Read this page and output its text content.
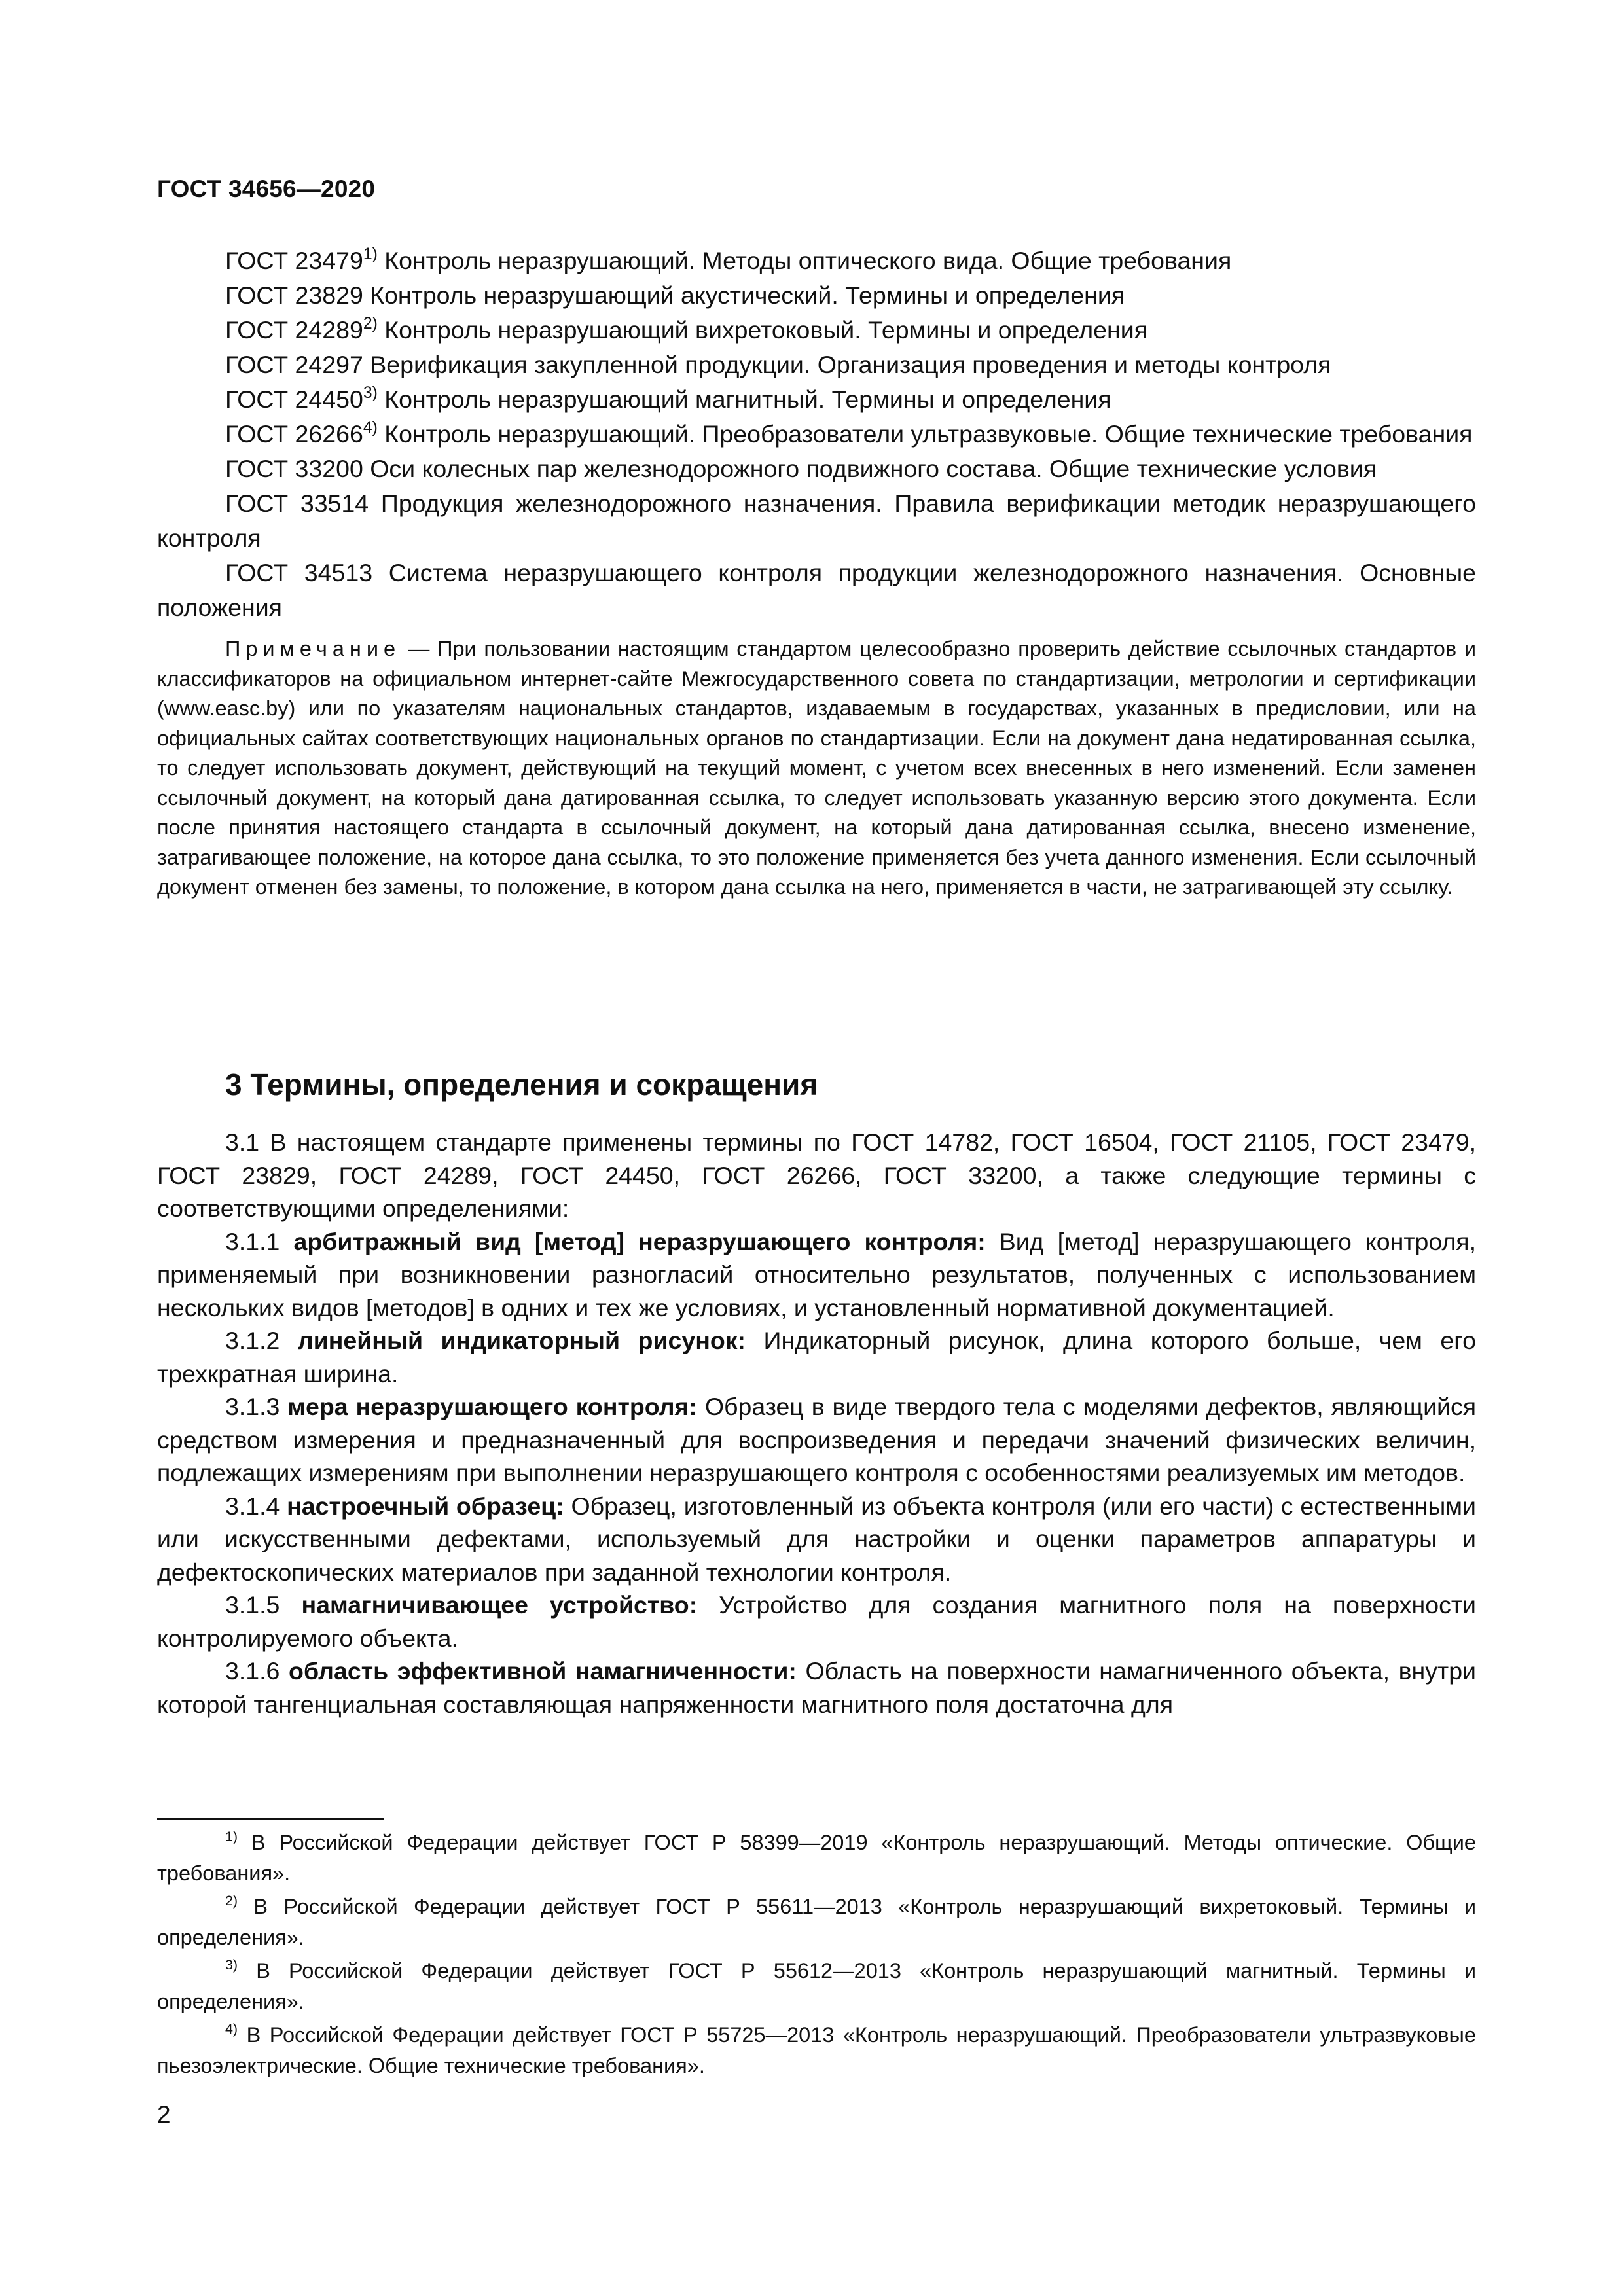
ГОСТ 34656—2020
ГОСТ 23479$^{1)}$ Контроль неразрушающий. Методы оптического вида. Общие требования
ГОСТ 23829 Контроль неразрушающий акустический. Термины и определения
ГОСТ 24289$^{2)}$ Контроль неразрушающий вихретоковый. Термины и определения
ГОСТ 24297 Верификация закупленной продукции. Организация проведения и методы контроля
ГОСТ 24450$^{3)}$ Контроль неразрушающий магнитный. Термины и определения
ГОСТ 26266$^{4)}$ Контроль неразрушающий. Преобразователи ультразвуковые. Общие технические требования
ГОСТ 33200 Оси колесных пар железнодорожного подвижного состава. Общие технические условия
ГОСТ 33514 Продукция железнодорожного назначения. Правила верификации методик неразрушающего контроля
ГОСТ 34513 Система неразрушающего контроля продукции железнодорожного назначения. Основные положения
Примечание — При пользовании настоящим стандартом целесообразно проверить действие ссылочных стандартов и классификаторов на официальном интернет-сайте Межгосударственного совета по стандартизации, метрологии и сертификации (www.easc.by) или по указателям национальных стандартов, издаваемым в государствах, указанных в предисловии, или на официальных сайтах соответствующих национальных органов по стандартизации. Если на документ дана недатированная ссылка, то следует использовать документ, действующий на текущий момент, с учетом всех внесенных в него изменений. Если заменен ссылочный документ, на который дана датированная ссылка, то следует использовать указанную версию этого документа. Если после принятия настоящего стандарта в ссылочный документ, на который дана датированная ссылка, внесено изменение, затрагивающее положение, на которое дана ссылка, то это положение применяется без учета данного изменения. Если ссылочный документ отменен без замены, то положение, в котором дана ссылка на него, применяется в части, не затрагивающей эту ссылку.
3 Термины, определения и сокращения

3.1 В настоящем стандарте применены термины по ГОСТ 14782, ГОСТ 16504, ГОСТ 21105, ГОСТ 23479, ГОСТ 23829, ГОСТ 24289, ГОСТ 24450, ГОСТ 26266, ГОСТ 33200, а также следующие термины с соответствующими определениями:

3.1.1 арбитражный вид [метод] неразрушающего контроля: Вид [метод] неразрушающего контроля, применяемый при возникновении разногласий относительно результатов, полученных с использованием нескольких видов [методов] в одних и тех же условиях, и установленный нормативной документацией.

3.1.2 линейный индикаторный рисунок: Индикаторный рисунок, длина которого больше, чем его трехкратная ширина.

3.1.3 мера неразрушающего контроля: Образец в виде твердого тела с моделями дефектов, являющийся средством измерения и предназначенный для воспроизведения и передачи значений физических величин, подлежащих измерениям при выполнении неразрушающего контроля с особенностями реализуемых им методов.

3.1.4 настроечный образец: Образец, изготовленный из объекта контроля (или его части) с естественными или искусственными дефектами, используемый для настройки и оценки параметров аппаратуры и дефектоскопических материалов при заданной технологии контроля.

3.1.5 намагничивающее устройство: Устройство для создания магнитного поля на поверхности контролируемого объекта.

3.1.6 область эффективной намагниченности: Область на поверхности намагниченного объекта, внутри которой тангенциальная составляющая напряженности магнитного поля достаточна для

$^{1)}$ В Российской Федерации действует ГОСТ Р 58399—2019 «Контроль неразрушающий. Методы оптические. Общие требования».
$^{2)}$ В Российской Федерации действует ГОСТ Р 55611—2013 «Контроль неразрушающий вихретоковый. Термины и определения».
$^{3)}$ В Российской Федерации действует ГОСТ Р 55612—2013 «Контроль неразрушающий магнитный. Термины и определения».
$^{4)}$ В Российской Федерации действует ГОСТ Р 55725—2013 «Контроль неразрушающий. Преобразователи ультразвуковые пьезоэлектрические. Общие технические требования».
2
